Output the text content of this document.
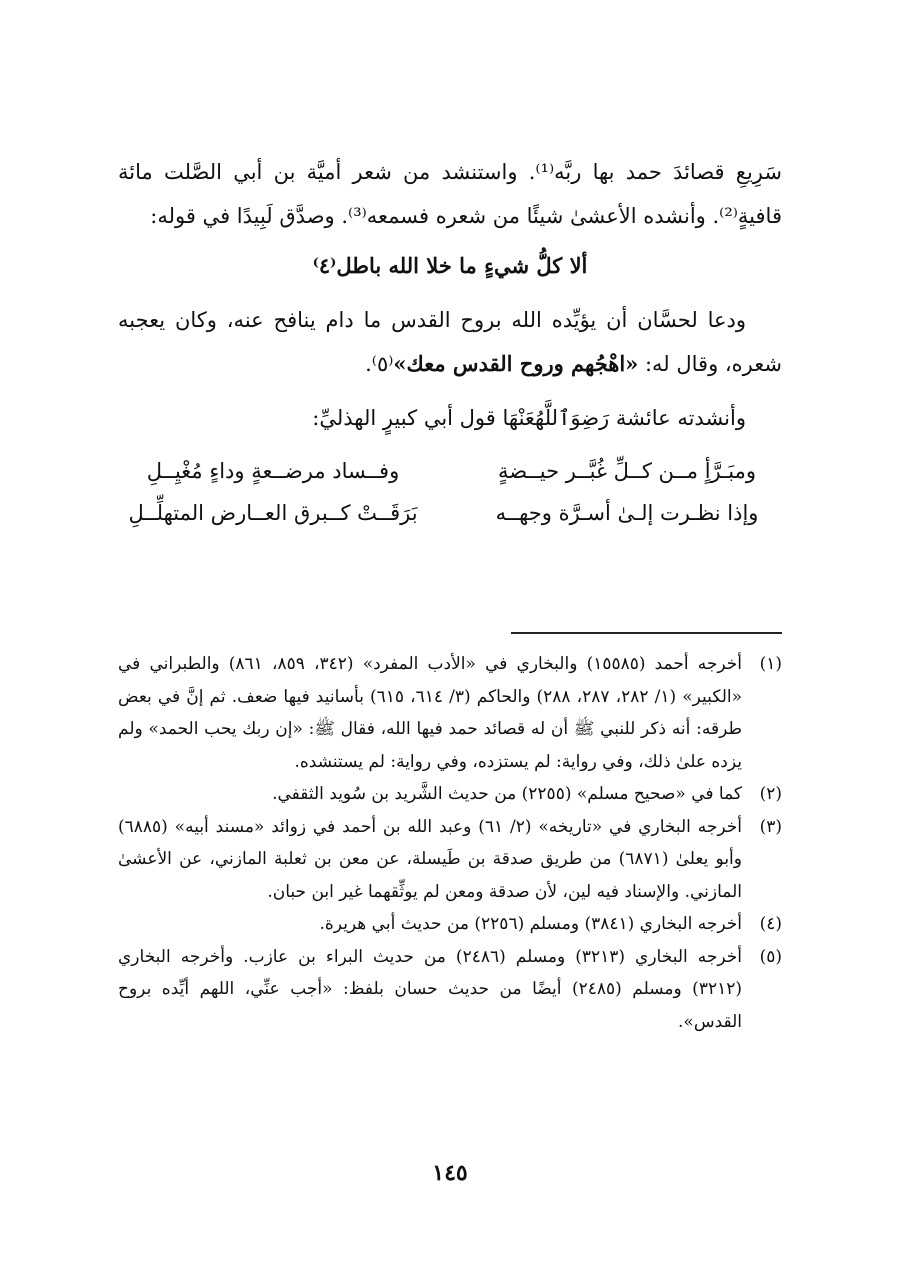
سَرِيعِ قصائدَ حمد بها ربَّه⁽¹⁾. واستنشد من شعر أميَّة بن أبي الصَّلت مائة قافيةٍ⁽²⁾. وأنشده الأعشىٰ شيئًا من شعره فسمعه⁽³⁾. وصدَّق لَبِيدًا في قوله:

ألا كلُّ شيءٍ ما خلا الله باطل⁽٤⁾

ودعا لحسَّان أن يؤيِّده الله بروح القدس ما دام ينافح عنه، وكان يعجبه شعره، وقال له: «اهْجُهم وروح القدس معك»⁽٥⁾.

وأنشدته عائشة رَضِوَٱللَّهُعَنْهَا قول أبي كبيرٍ الهذليِّ:

ومبَـرَّأٍ مــن كــلِّ غُبَّــر حيــضةٍ
وفــساد مرضــعةٍ وداءٍ مُغْيِــلِ
وإذا نظـرت إلـىٰ أسـرَّة وجهــه
بَرَقَــتْ كــبرق العــارض المتهلِّــلِ
(١)
أخرجه أحمد (١٥٥٨٥) والبخاري في «الأدب المفرد» (٣٤٢، ٨٥٩، ٨٦١) والطبراني في «الكبير» (١/ ٢٨٢، ٢٨٧، ٢٨٨) والحاكم (٣/ ٦١٤، ٦١٥) بأسانيد فيها ضعف. ثم إنَّ في بعض طرقه: أنه ذكر للنبي ﷺ أن له قصائد حمد فيها الله، فقال ﷺ: «إن ربك يحب الحمد» ولم يزده علىٰ ذلك، وفي رواية: لم يستزده، وفي رواية: لم يستنشده.
(٢)
كما في «صحيح مسلم» (٢٢٥٥) من حديث الشَّريد بن سُويد الثقفي.
(٣)
أخرجه البخاري في «تاريخه» (٢/ ٦١) وعبد الله بن أحمد في زوائد «مسند أبيه» (٦٨٨٥) وأبو يعلىٰ (٦٨٧١) من طريق صدقة بن طَيسلة، عن معن بن ثعلبة المازني، عن الأعشىٰ المازني. والإسناد فيه لين، لأن صدقة ومعن لم يوثِّقهما غير ابن حبان.
(٤)
أخرجه البخاري (٣٨٤١) ومسلم (٢٢٥٦) من حديث أبي هريرة.
(٥)
أخرجه البخاري (٣٢١٣) ومسلم (٢٤٨٦) من حديث البراء بن عازب. وأخرجه البخاري (٣٢١٢) ومسلم (٢٤٨٥) أيضًا من حديث حسان بلفظ: «أجب عنِّي، اللهم أيِّده بروح القدس».
١٤٥
